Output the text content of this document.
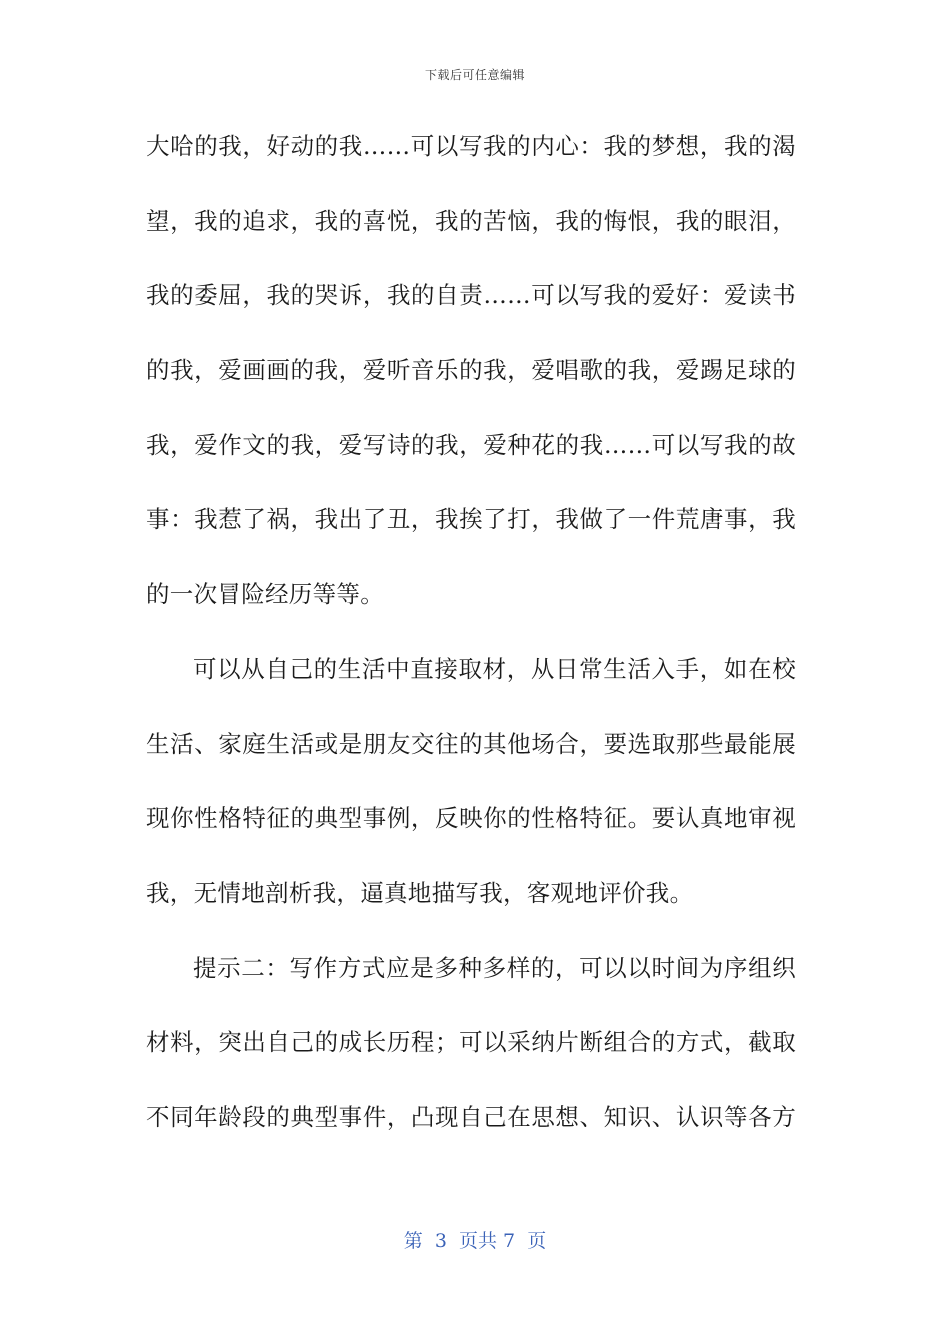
下载后可任意编辑
大哈的我，好动的我……可以写我的内心：我的梦想，我的渴
望，我的追求，我的喜悦，我的苦恼，我的悔恨，我的眼泪，
我的委屈，我的哭诉，我的自责……可以写我的爱好：爱读书
的我，爱画画的我，爱听音乐的我，爱唱歌的我，爱踢足球的
我，爱作文的我，爱写诗的我，爱种花的我……可以写我的故
事：我惹了祸，我出了丑，我挨了打，我做了一件荒唐事，我
的一次冒险经历等等。
可以从自己的生活中直接取材，从日常生活入手，如在校
生活、家庭生活或是朋友交往的其他场合，要选取那些最能展
现你性格特征的典型事例，反映你的性格特征。要认真地审视
我，无情地剖析我，逼真地描写我，客观地评价我。
提示二：写作方式应是多种多样的，可以以时间为序组织
材料，突出自己的成长历程；可以采纳片断组合的方式，截取
不同年龄段的典型事件，凸现自己在思想、知识、认识等各方
第  3  页共 7  页
